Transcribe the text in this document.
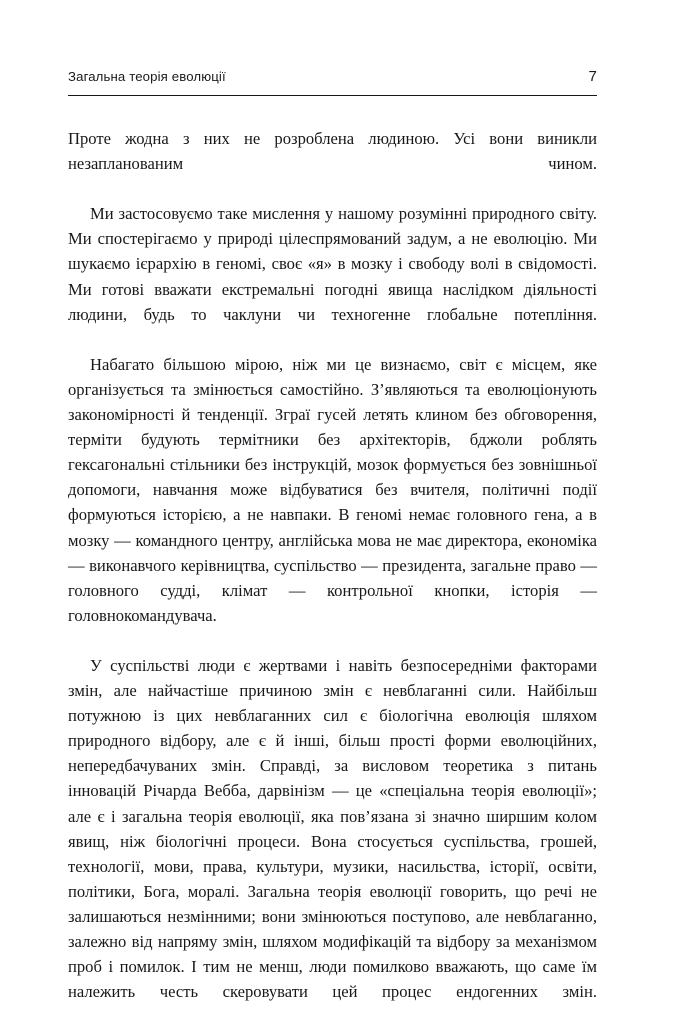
Загальна теорія еволюції	7

Проте жодна з них не розроблена людиною. Усі вони виникли незапланованим чином.

Ми застосовуємо таке мислення у нашому розумінні природного світу. Ми спостерігаємо у природі цілеспрямований задум, а не еволюцію. Ми шукаємо ієрархію в геномі, своє «я» в мозку і свободу волі в свідомості. Ми готові вважати екстремальні погодні явища наслідком діяльності людини, будь то чаклуни чи техногенне глобальне потепління.

Набагато більшою мірою, ніж ми це визнаємо, світ є місцем, яке організується та змінюється самостійно. З’являються та еволюціонують закономірності й тенденції. Зграї гусей летять клином без обговорення, терміти будують термітники без архітекторів, бджоли роблять гексагональні стільники без інструкцій, мозок формується без зовнішньої допомоги, навчання може відбуватися без вчителя, політичні події формуються історією, а не навпаки. В геномі немає головного гена, а в мозку — командного центру, англійська мова не має директора, економіка — виконавчого керівництва, суспільство — президента, загальне право — головного судді, клімат — контрольної кнопки, історія — головнокомандувача.

У суспільстві люди є жертвами і навіть безпосередніми факторами змін, але найчастіше причиною змін є невблаганні сили. Найбільш потужною із цих невблаганних сил є біологічна еволюція шляхом природного відбору, але є й інші, більш прості форми еволюційних, непередбачуваних змін. Справді, за висловом теоретика з питань інновацій Річарда Вебба, дарвінізм — це «спеціальна теорія еволюції»; але є і загальна теорія еволюції, яка пов’язана зі значно ширшим колом явищ, ніж біологічні процеси. Вона стосується суспільства, грошей, технології, мови, права, культури, музики, насильства, історії, освіти, політики, Бога, моралі. Загальна теорія еволюції говорить, що речі не залишаються незмінними; вони змінюються поступово, але невблаганно, залежно від напряму змін, шляхом модифікацій та відбору за механізмом проб і помилок. І тим не менш, люди помилково вважають, що саме їм належить честь скеровувати цей процес ендогенних змін.
